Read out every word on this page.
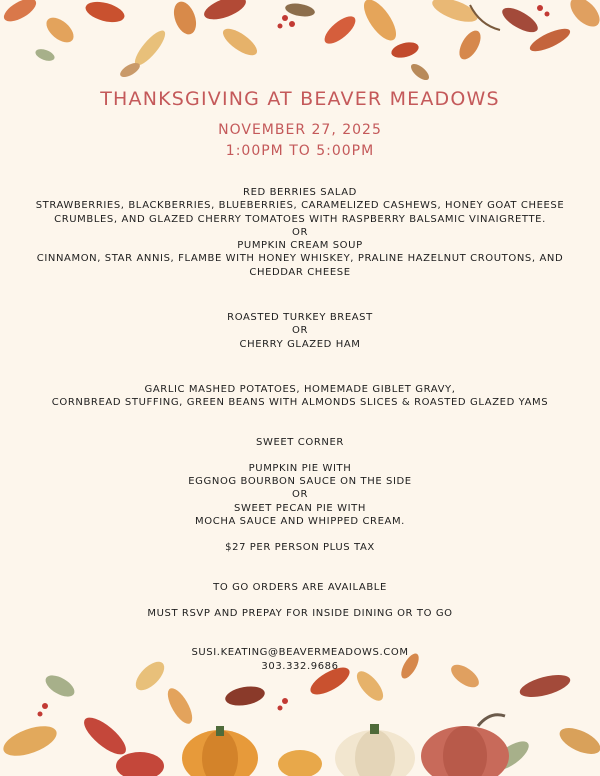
THANKSGIVING AT BEAVER MEADOWS

NOVEMBER 27, 2025

1:00PM TO 5:00PM

RED BERRIES SALAD

STRAWBERRIES, BLACKBERRIES, BLUEBERRIES, CARAMELIZED CASHEWS, HONEY GOAT CHEESE

CRUMBLES, AND GLAZED CHERRY TOMATOES WITH RASPBERRY BALSAMIC VINAIGRETTE.

OR

PUMPKIN CREAM SOUP

CINNAMON, STAR ANNIS, FLAMBE WITH HONEY WHISKEY, PRALINE HAZELNUT CROUTONS, AND

CHEDDAR CHEESE

ROASTED TURKEY BREAST

OR

CHERRY GLAZED HAM

GARLIC MASHED POTATOES, HOMEMADE GIBLET GRAVY,

CORNBREAD STUFFING, GREEN BEANS WITH ALMONDS SLICES & ROASTED GLAZED YAMS

SWEET CORNER

PUMPKIN PIE WITH

EGGNOG BOURBON SAUCE ON THE SIDE

OR

SWEET PECAN PIE WITH

MOCHA SAUCE AND WHIPPED CREAM.

$27 PER PERSON PLUS TAX

TO GO ORDERS ARE AVAILABLE

MUST RSVP AND PREPAY FOR INSIDE DINING OR TO GO

SUSI.KEATING@BEAVERMEADOWS.COM

303.332.9686
